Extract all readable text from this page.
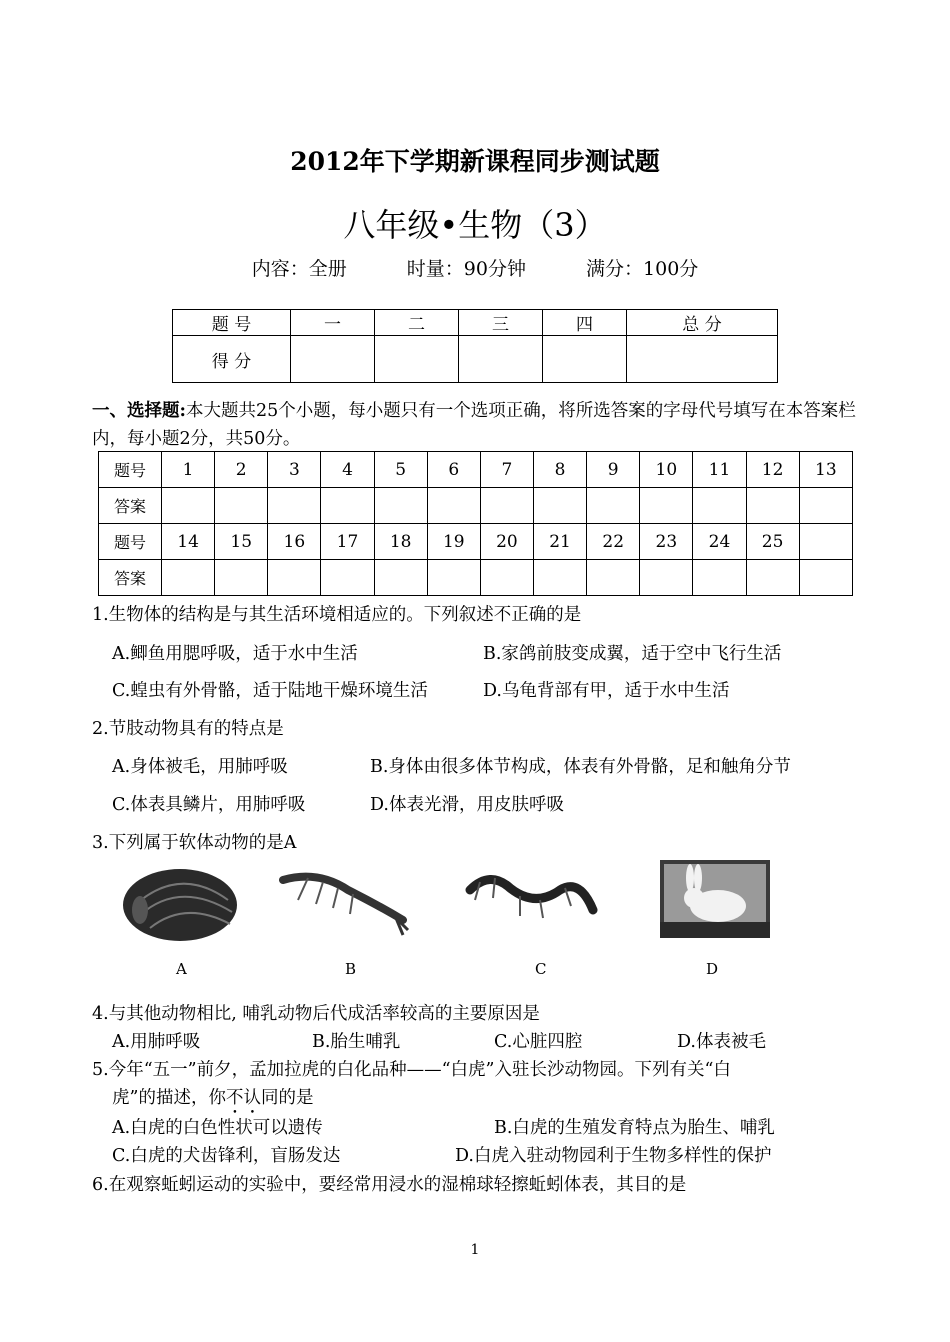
2012年下学期新课程同步测试题
八年级•生物（3）
内容：全册	时量：90分钟	满分：100分
题 号	一	二	三	四	总 分
得 分					
一、选择题:本大题共25个小题，每小题只有一个选项正确，将所选答案的字母代号填写在本答案栏内，每小题2分，共50分。
题号	1	2	3	4	5	6	7	8	9	10	11	12	13
答案													
题号	14	15	16	17	18	19	20	21	22	23	24	25	
答案													
1.生物体的结构是与其生活环境相适应的。下列叙述不正确的是
A.鲫鱼用腮呼吸，适于水中生活	B.家鸽前肢变成翼，适于空中飞行生活
C.蝗虫有外骨骼，适于陆地干燥环境生活	D.乌龟背部有甲，适于水中生活
2.节肢动物具有的特点是
A.身体被毛，用肺呼吸	B.身体由很多体节构成，体表有外骨骼，足和触角分节
C.体表具鳞片，用肺呼吸	D.体表光滑，用皮肤呼吸
3.下列属于软体动物的是A
A	B	C	D
4.与其他动物相比, 哺乳动物后代成活率较高的主要原因是
A.用肺呼吸	B.胎生哺乳	C.心脏四腔	D.体表被毛
5.今年“五一”前夕，孟加拉虎的白化品种——“白虎”入驻长沙动物园。下列有关“白
虎”的描述，你不认同的是
A.白虎的白色性状可以遗传	B.白虎的生殖发育特点为胎生、哺乳
C.白虎的犬齿锋利，盲肠发达	D.白虎入驻动物园利于生物多样性的保护
6.在观察蚯蚓运动的实验中，要经常用浸水的湿棉球轻擦蚯蚓体表，其目的是
1
